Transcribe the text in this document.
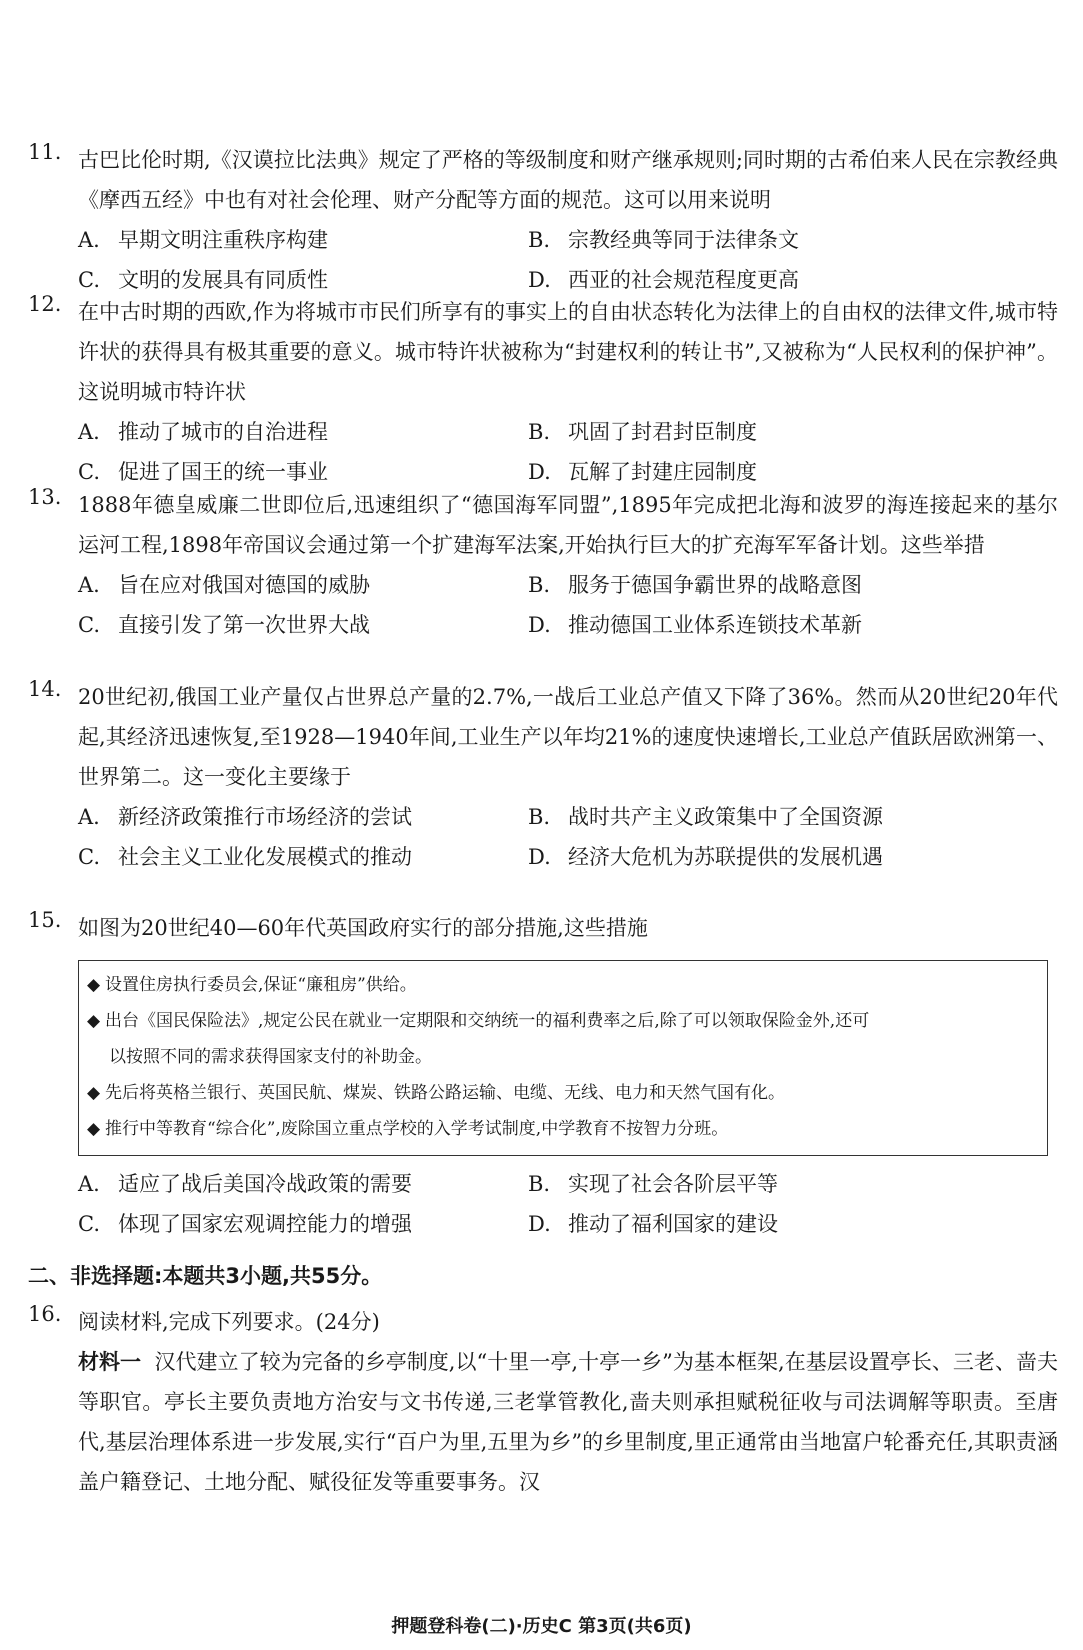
11. 古巴比伦时期,《汉谟拉比法典》规定了严格的等级制度和财产继承规则;同时期的古希伯来人民在宗教经典《摩西五经》中也有对社会伦理、财产分配等方面的规范。这可以用来说明
A. 早期文明注重秩序构建	B. 宗教经典等同于法律条文
C. 文明的发展具有同质性	D. 西亚的社会规范程度更高
12. 在中古时期的西欧,作为将城市市民们所享有的事实上的自由状态转化为法律上的自由权的法律文件,城市特许状的获得具有极其重要的意义。城市特许状被称为“封建权利的转让书”,又被称为“人民权利的保护神”。这说明城市特许状
A. 推动了城市的自治进程	B. 巩固了封君封臣制度
C. 促进了国王的统一事业	D. 瓦解了封建庄园制度
13. 1888年德皇威廉二世即位后,迅速组织了“德国海军同盟”,1895年完成把北海和波罗的海连接起来的基尔运河工程,1898年帝国议会通过第一个扩建海军法案,开始执行巨大的扩充海军军备计划。这些举措
A. 旨在应对俄国对德国的威胁	B. 服务于德国争霸世界的战略意图
C. 直接引发了第一次世界大战	D. 推动德国工业体系连锁技术革新
14. 20世纪初,俄国工业产量仅占世界总产量的2.7%,一战后工业总产值又下降了36%。然而从20世纪20年代起,其经济迅速恢复,至1928—1940年间,工业生产以年均21%的速度快速增长,工业总产值跃居欧洲第一、世界第二。这一变化主要缘于
A. 新经济政策推行市场经济的尝试	B. 战时共产主义政策集中了全国资源
C. 社会主义工业化发展模式的推动	D. 经济大危机为苏联提供的发展机遇
15. 如图为20世纪40—60年代英国政府实行的部分措施,这些措施
◆ 设置住房执行委员会,保证“廉租房”供给。
◆ 出台《国民保险法》,规定公民在就业一定期限和交纳统一的福利费率之后,除了可以领取保险金外,还可
以按照不同的需求获得国家支付的补助金。
◆ 先后将英格兰银行、英国民航、煤炭、铁路公路运输、电缆、无线、电力和天然气国有化。
◆ 推行中等教育“综合化”,废除国立重点学校的入学考试制度,中学教育不按智力分班。
A. 适应了战后美国冷战政策的需要	B. 实现了社会各阶层平等
C. 体现了国家宏观调控能力的增强	D. 推动了福利国家的建设
二、非选择题:本题共3小题,共55分。
16. 阅读材料,完成下列要求。(24分)
材料一 汉代建立了较为完备的乡亭制度,以“十里一亭,十亭一乡”为基本框架,在基层设置亭长、三老、啬夫等职官。亭长主要负责地方治安与文书传递,三老掌管教化,啬夫则承担赋税征收与司法调解等职责。至唐代,基层治理体系进一步发展,实行“百户为里,五里为乡”的乡里制度,里正通常由当地富户轮番充任,其职责涵盖户籍登记、土地分配、赋役征发等重要事务。汉
押题登科卷(二)·历史C 第3页(共6页)
